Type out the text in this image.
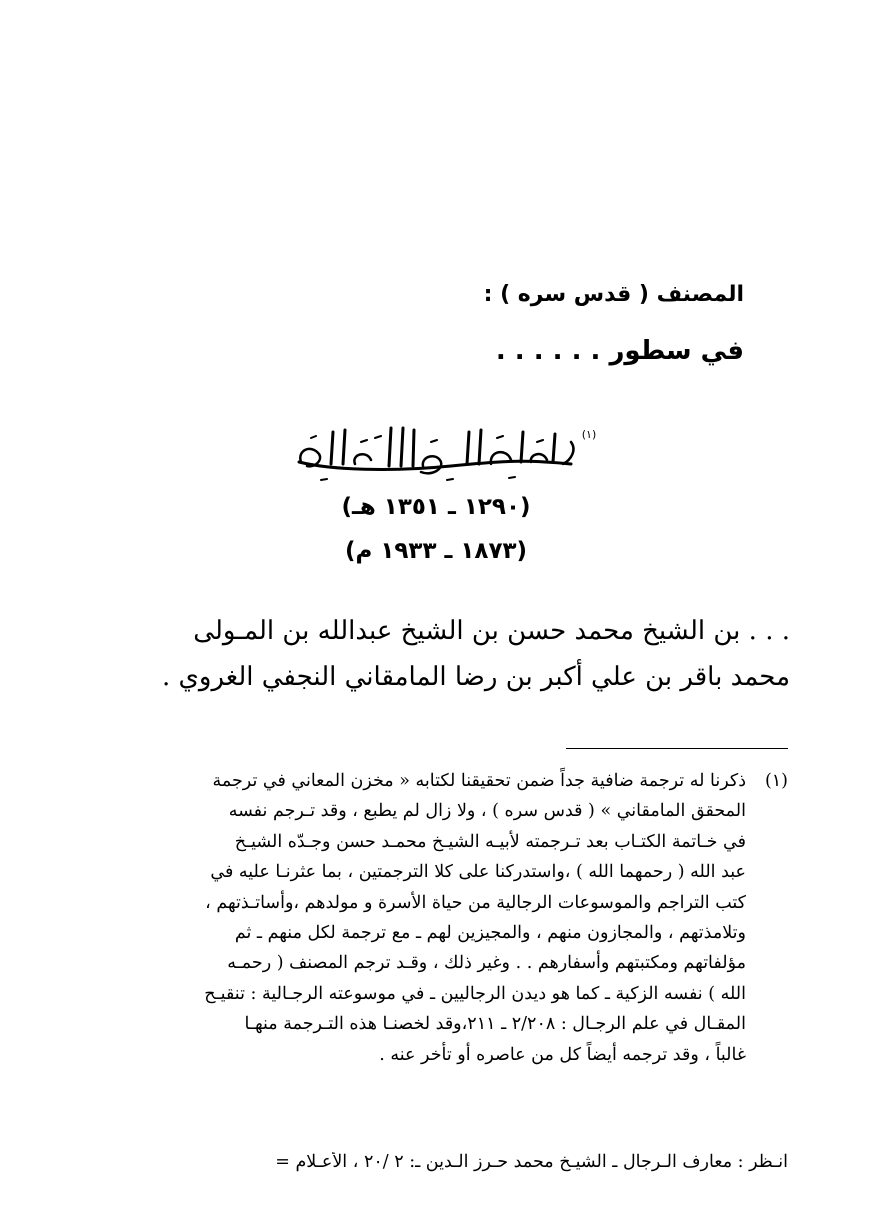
المصنف ( قدس سره ) :
في سطور . . . . . .
(١)
(١٢٩٠ ـ ١٣٥١ هـ)
(١٨٧٣ ـ ١٩٣٣ م)
. . . بن الشيخ محمد حسن بن الشيخ عبدالله بن المـولى
محمد باقر بن علي أكبر بن رضا المامقاني النجفي الغروي .
(١)ذكرنا له ترجمة ضافية جداً ضمن تحقيقنا لكتابه « مخزن المعاني في ترجمة
المحقق المامقاني » ( قدس سره ) ، ولا زال لم يطبع ، وقد تـرجم نفسه
في خـاتمة الكتـاب بعد تـرجمته لأبيـه الشيـخ محمـد حسن وجـدّه الشيـخ
عبد الله ( رحمهما الله ) ،واستدركنا على كلا الترجمتين ، بما عثرنـا عليه في
كتب التراجم والموسوعات الرجالية من حياة الأسرة و مولدهم ،وأساتـذتهم ،
وتلامذتهم ، والمجازون منهم ، والمجيزين لهم ـ مع ترجمة لكل منهم ـ ثم
مؤلفاتهم ومكتبتهم وأسفارهم . . وغير ذلك ، وقـد ترجم المصنف ( رحمـه
الله ) نفسه الزكية ـ كما هو ديدن الرجاليين ـ في موسوعته الرجـالية : تنقيـح
المقـال في علم الرجـال : ٢/٢٠٨ ـ ٢١١،وقد لخصنـا هذه التـرجمة منهـا
غالباً ، وقد ترجمه أيضاً كل من عاصره أو تأخر عنه .
انـظر : معارف الـرجال ـ الشيـخ محمد حـرز الـدين ـ: ٢ /٢٠ ، الأعـلام =
